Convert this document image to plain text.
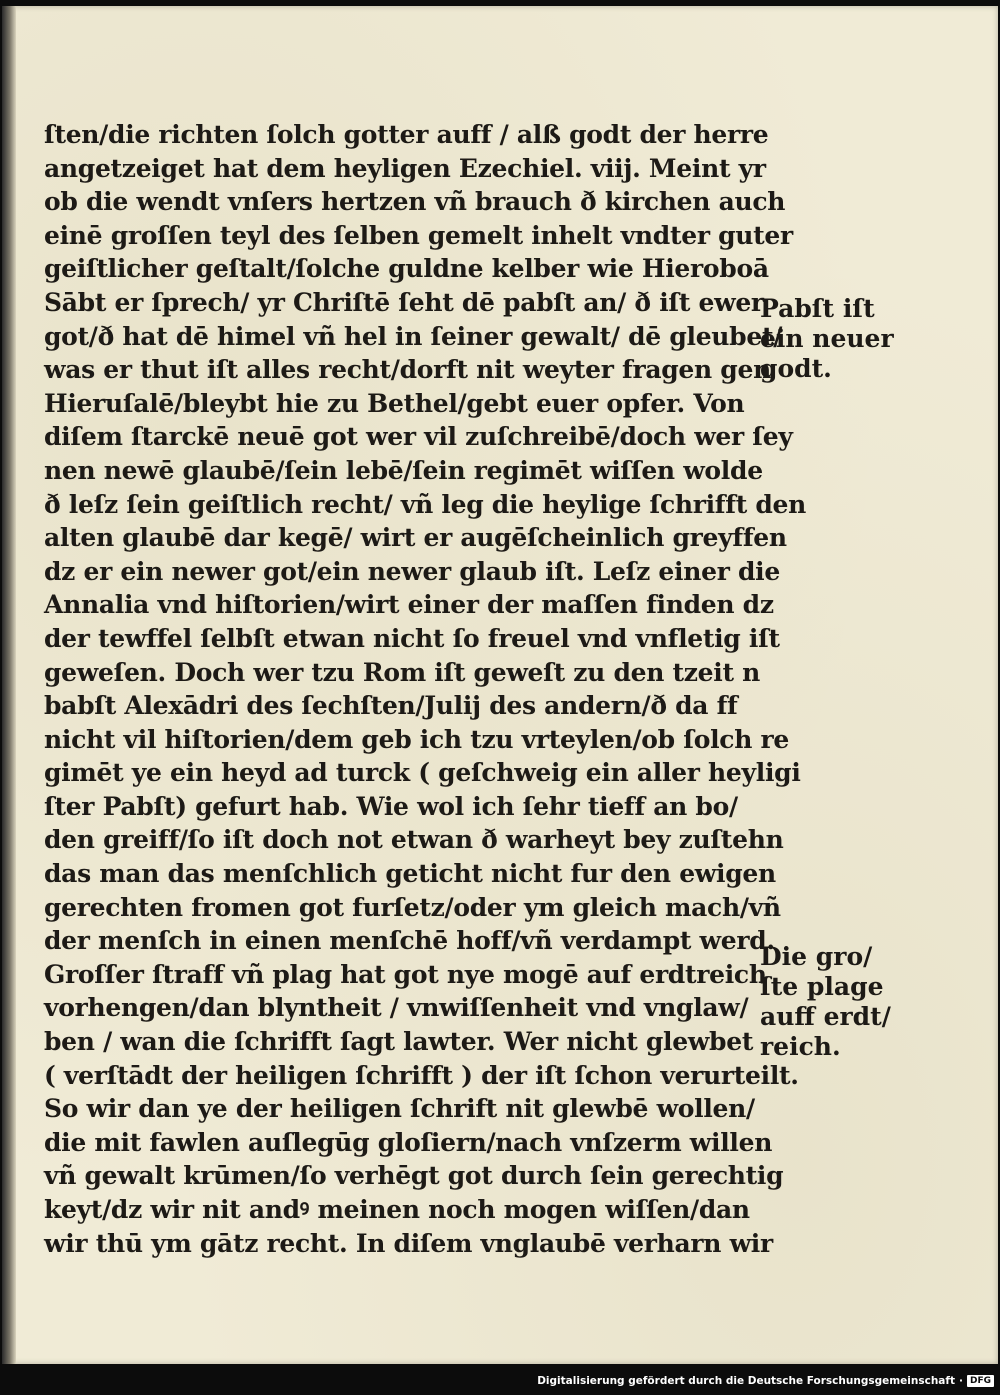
ſten/die richten ſolch gotter auff / alß godt der herre
angetzeiget hat dem heyligen Ezechiel. viij. Meint yr
ob die wendt vnſers hertzen vñ brauch ð kirchen auch
einē groſſen teyl des ſelben gemelt inhelt vndter guter
geiſtlicher geſtalt/ſolche guldne kelber wie Hieroboā
Sābt er ſprech/ yr Chriſtē ſeht dē pabſt an/ ð iſt ewer
got/ð hat dē himel vñ hel in ſeiner gewalt/ dē gleubet/
was er thut iſt alles recht/dorft nit weyter fragen gen
Hieruſalē/bleybt hie zu Bethel/gebt euer opfer. Von
diſem ſtarckē neuē got wer vil zuſchreibē/doch wer ſey
nen newē glaubē/ſein lebē/ſein regimēt wiſſen wolde
ð leſz ſein geiſtlich recht/ vñ leg die heylige ſchrifft den
alten glaubē dar kegē/ wirt er augēſcheinlich greyffen
dz er ein newer got/ein newer glaub iſt. Leſz einer die
Annalia vnd hiſtorien/wirt einer der maſſen finden dz
der tewffel ſelbſt etwan nicht ſo freuel vnd vnfletig iſt
geweſen. Doch wer tzu Rom iſt geweſt zu den tzeit n
babſt Alexādri des ſechſten/Julij des andern/ð da ff
nicht vil hiſtorien/dem geb ich tzu vrteylen/ob ſolch re
gimēt ye ein heyd ad turck ( geſchweig ein aller heyligi
ſter Pabſt) gefurt hab. Wie wol ich ſehr tieff an bo/
den greiff/ſo iſt doch not etwan ð warheyt bey zuſtehn
das man das menſchlich geticht nicht fur den ewigen
gerechten fromen got furſetz/oder ym gleich mach/vñ
der menſch in einen menſchē hoff/vñ verdampt werd.
Groſſer ſtraff vñ plag hat got nye mogē auf erdtreich
vorhengen/dan blyntheit / vnwiſſenheit vnd vnglaw/
ben / wan die ſchrifft ſagt lawter. Wer nicht glewbet
( verſtādt der heiligen ſchrifft ) der iſt ſchon verurteilt.
So wir dan ye der heiligen ſchrift nit glewbē wollen/
die mit fawlen auſlegūg gloſiern/nach vnſzerm willen
vñ gewalt krūmen/ſo verhēgt got durch ſein gerechtig
keyt/dz wir nit andꝰ meinen noch mogen wiſſen/dan
wir thū ym gātz recht. In diſem vnglaubē verharn wir
Pabſt iſt
ein neuer
godt.
Die gro/
ſte plage
auff erdt/
reich.
Digitalisierung gefördert durch die Deutsche Forschungsgemeinschaft · DFG
